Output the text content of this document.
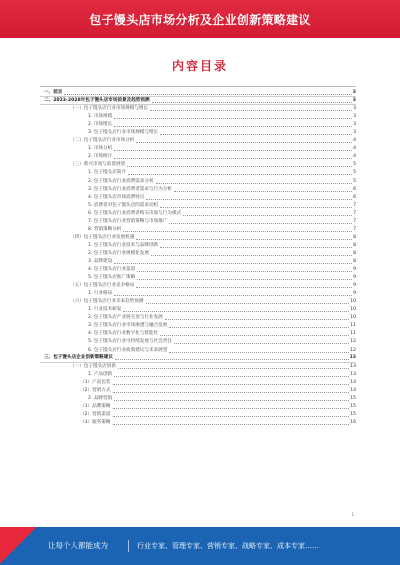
包子馒头店市场分析及企业创新策略建议
内容目录
一、前言	3
二、2023-2028年包子馒头店市场前景及趋势预测	3
（一）包子馒头店行业市场规模与增长	3
1. 市场规模	3
2. 市场增长	3
3. 包子馒头店行业市场规模与增长	3
（二）包子馒头店行业市场分析	4
1. 市场分析	4
2. 市场统计	4
（三）新兴市场与前景展望	5
1. 包子馒头店简介	5
2. 包子馒头店行业消费需求分析	5
3. 包子馒头店行业消费者需求与行为分析	6
4. 包子馒头店市场消费特点	6
5. 消费者对包子馒头店的需求动机	7
6. 包子馒头店行业消费者购买决策与行为模式	7
7. 包子馒头店行业营销策略与市场推广	7
8. 营销策略分析	7
（四）包子馒头店行业发展机遇	8
1. 包子馒头店行业技术与品牌创新	8
2. 包子馒头店行业规模化发展	8
3. 品牌建设	8
4. 包子馒头店行业渠道	9
5. 包子馒头店推广策略	9
（五）包子馒头店行业竞争格局	9
1. 行业格局	9
（六）包子馒头店行业未来趋势预测	10
1. 行业技术研发	10
2. 包子馒头店产业链完善与行业发展	10
3. 包子馒头店行业市场渗透与融合发展	11
4. 包子馒头店行业数字化与智能化	11
5. 包子馒头店行业可持续发展与社会责任	12
6. 包子馒头店行业政策建议与未来展望	12
三、包子馒头店企业创新策略建议	13
（一）包子馒头店创新	13
1. 产品创新	13
（1）产品包装	14
（2）营销方式	14
2. 品牌营销	15
（1）品牌策略	15
（2）营销渠道	15
（3）服务策略	16
1
让每个人都能成为	行业专家、管理专家、营销专家、战略专家、成本专家……
